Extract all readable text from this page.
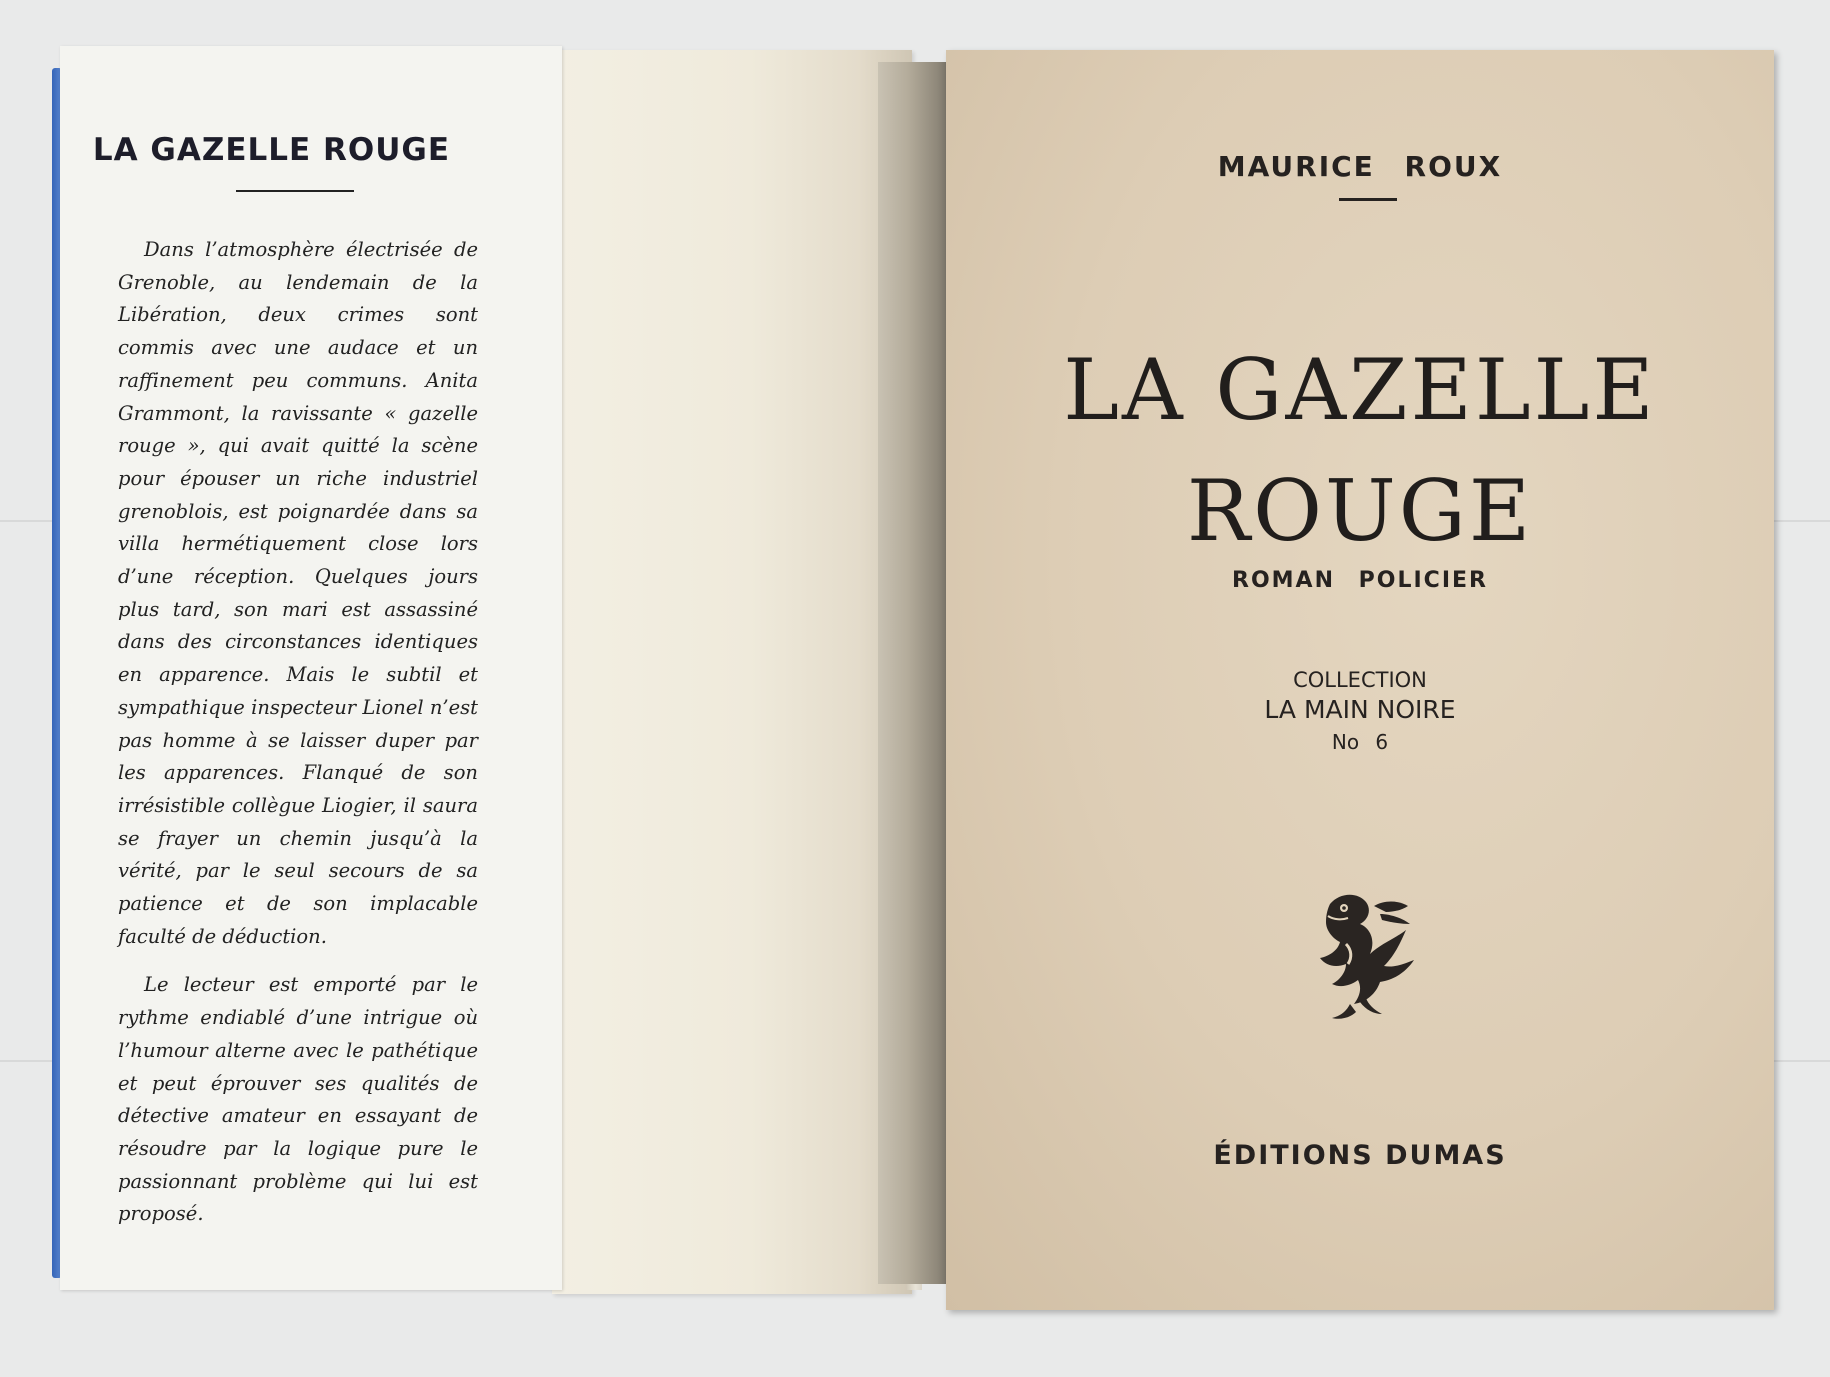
LA GAZELLE ROUGE

Dans l’atmosphère électrisée de Grenoble, au lendemain de la Libération, deux crimes sont commis avec une audace et un raffinement peu communs. Anita Grammont, la ravissante « gazelle rouge », qui avait quitté la scène pour épouser un riche industriel grenoblois, est poignardée dans sa villa hermétiquement close lors d’une réception. Quelques jours plus tard, son mari est assassiné dans des circonstances identiques en apparence. Mais le subtil et sympathique inspecteur Lionel n’est pas homme à se laisser duper par les apparences. Flanqué de son irrésistible collègue Liogier, il saura se frayer un chemin jusqu’à la vérité, par le seul secours de sa patience et de son implacable faculté de déduction.

Le lecteur est emporté par le rythme endiablé d’une intrigue où l’humour alterne avec le pathétique et peut éprouver ses qualités de détective amateur en essayant de résoudre par la logique pure le passionnant problème qui lui est proposé.

MAURICE ROUX
LA GAZELLE
ROUGE
ROMAN POLICIER
COLLECTION
LA MAIN NOIRE
No 6
ÉDITIONS DUMAS
